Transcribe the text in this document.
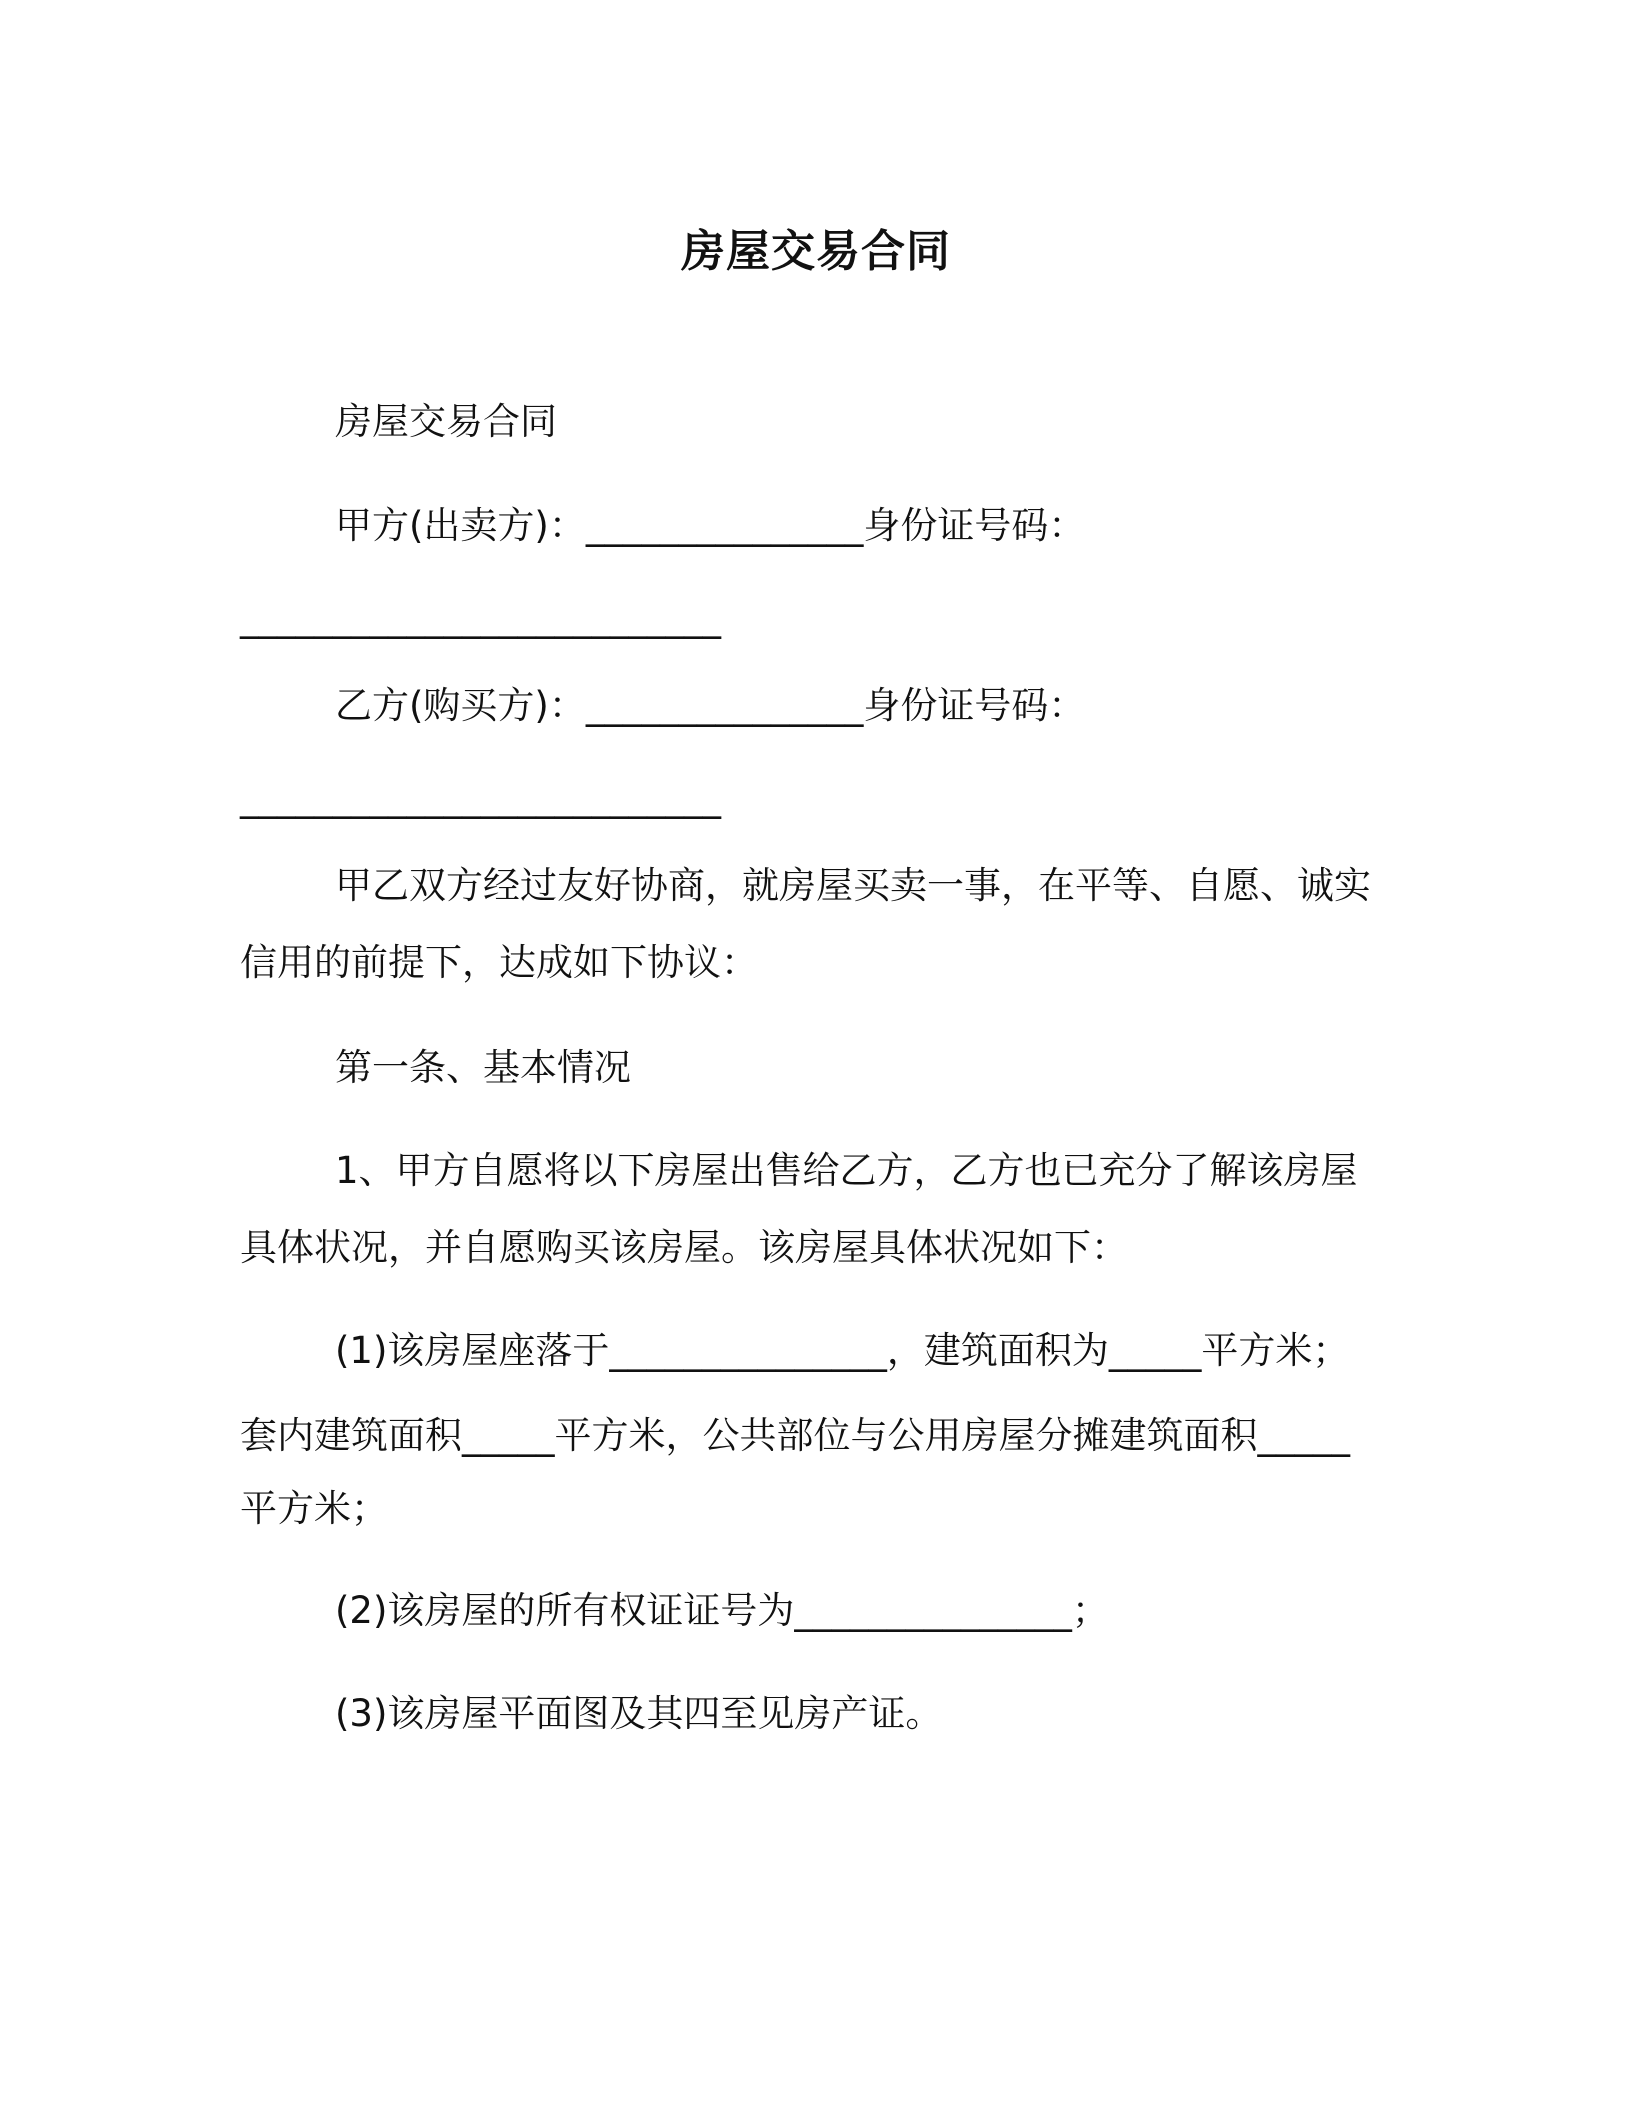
房屋交易合同
房屋交易合同
甲方(出卖方)：_______________身份证号码：
__________________________
乙方(购买方)：_______________身份证号码：
__________________________
甲乙双方经过友好协商，就房屋买卖一事，在平等、自愿、诚实
信用的前提下，达成如下协议：
第一条、基本情况
1、甲方自愿将以下房屋出售给乙方，乙方也已充分了解该房屋
具体状况，并自愿购买该房屋。该房屋具体状况如下：
(1)该房屋座落于_______________，建筑面积为_____平方米；
套内建筑面积_____平方米，公共部位与公用房屋分摊建筑面积_____
平方米；
(2)该房屋的所有权证证号为_______________；
(3)该房屋平面图及其四至见房产证。
